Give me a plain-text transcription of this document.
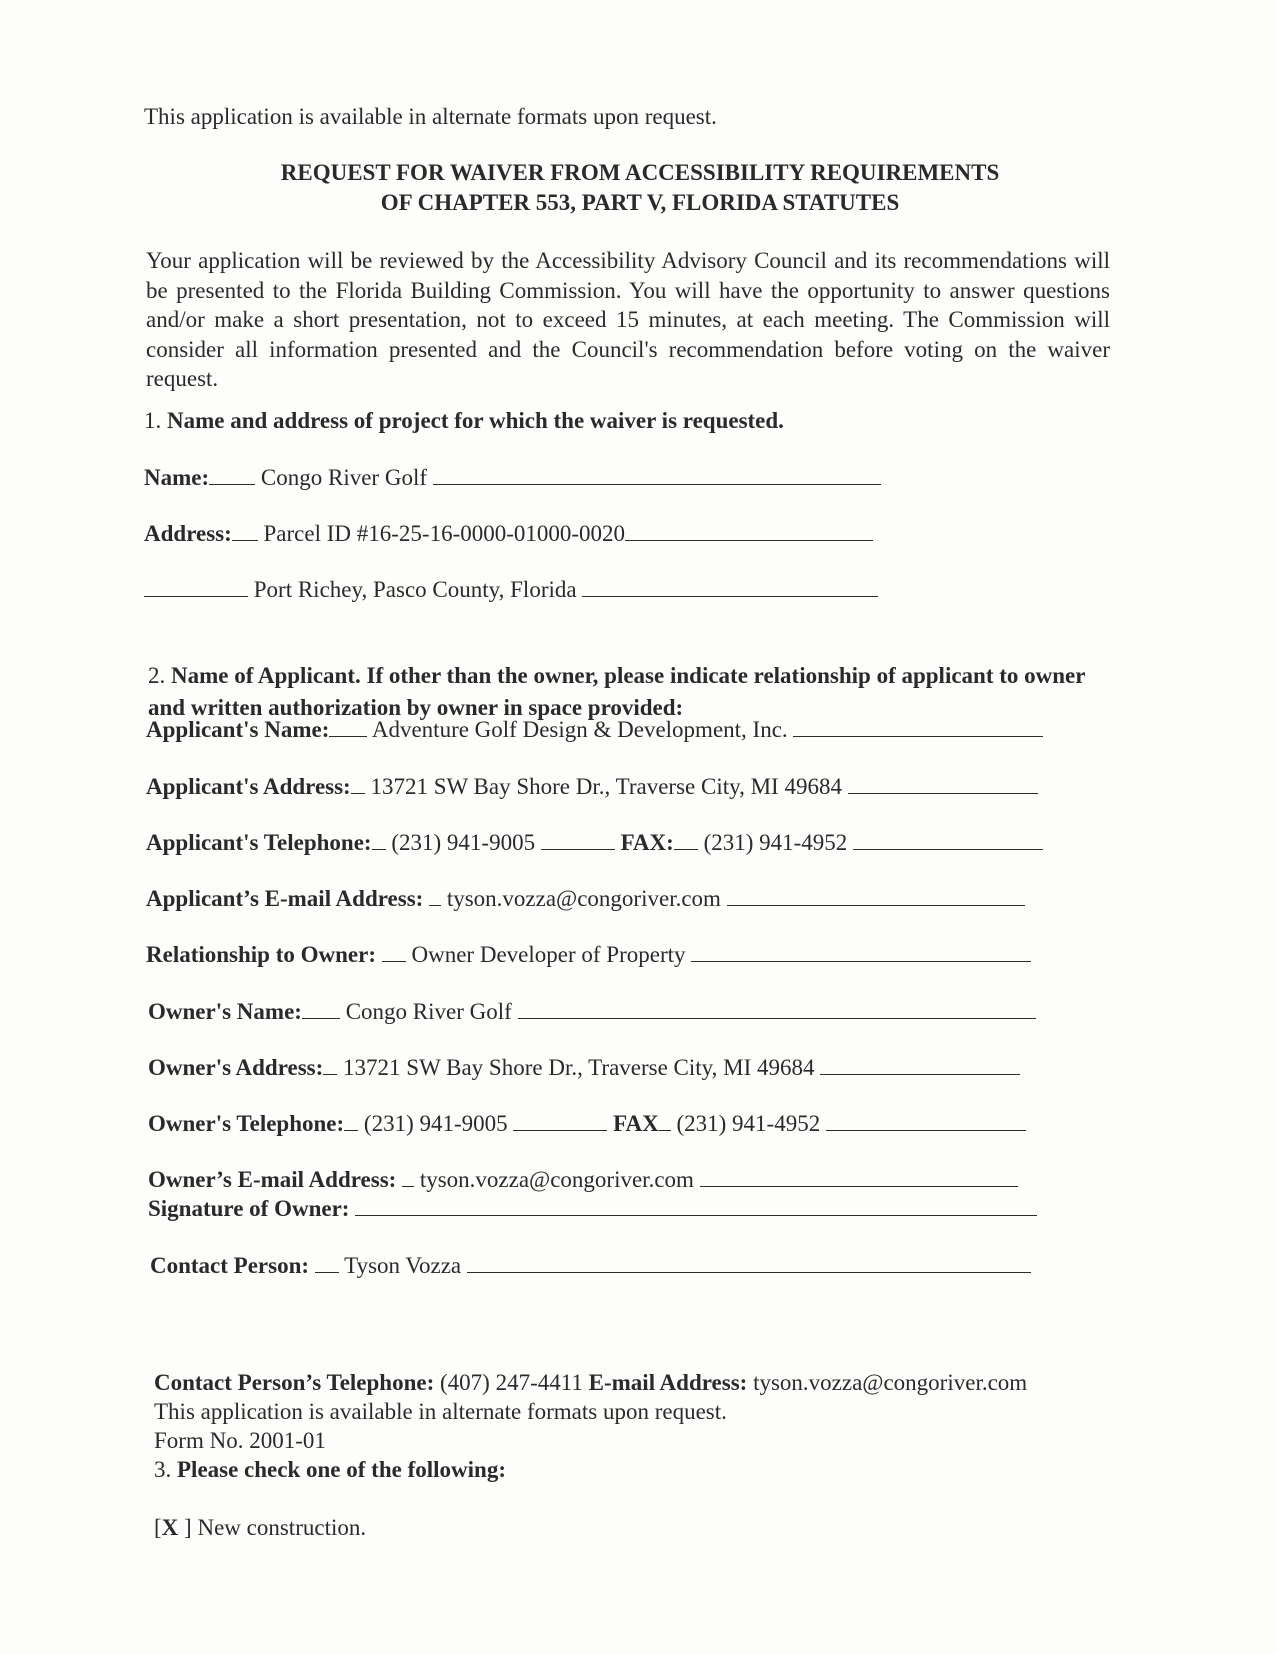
This application is available in alternate formats upon request.
REQUEST FOR WAIVER FROM ACCESSIBILITY REQUIREMENTS
OF CHAPTER 553, PART V, FLORIDA STATUTES
Your application will be reviewed by the Accessibility Advisory Council and its recommendations will be presented to the Florida Building Commission. You will have the opportunity to answer questions and/or make a short presentation, not to exceed 15 minutes, at each meeting. The Commission will consider all information presented and the Council's recommendation before voting on the waiver request.
1. Name and address of project for which the waiver is requested.
Name: Congo River Golf
Address: Parcel ID #16-25-16-0000-01000-0020
Port Richey, Pasco County, Florida
2. Name of Applicant. If other than the owner, please indicate relationship of applicant to owner and written authorization by owner in space provided:
Applicant's Name: Adventure Golf Design & Development, Inc.
Applicant's Address: 13721 SW Bay Shore Dr., Traverse City, MI 49684
Applicant's Telephone: (231) 941-9005	FAX: (231) 941-4952
Applicant’s E-mail Address: tyson.vozza@congoriver.com
Relationship to Owner: Owner Developer of Property
Owner's Name: Congo River Golf
Owner's Address: 13721 SW Bay Shore Dr., Traverse City, MI 49684
Owner's Telephone: (231) 941-9005	FAX (231) 941-4952
Owner’s E-mail Address: tyson.vozza@congoriver.com
Signature of Owner:
Contact Person: Tyson Vozza
Contact Person’s Telephone: (407) 247-4411 E-mail Address: tyson.vozza@congoriver.com
This application is available in alternate formats upon request.
Form No. 2001-01
3. Please check one of the following:
[X ] New construction.
